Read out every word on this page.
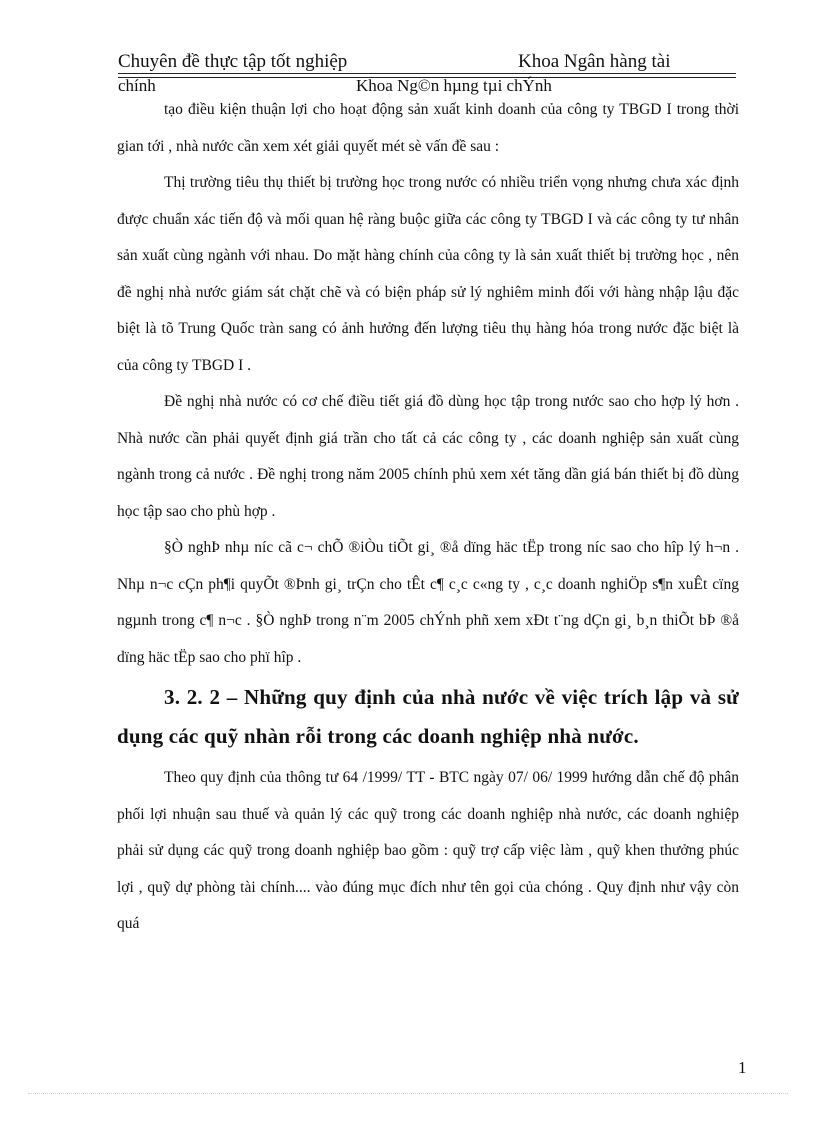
Chuyên đề thực tập tốt nghiệp	Khoa Ngân hàng tài
chính	Khoa Ng©n hµng tµi chÝnh

tạo điều kiện thuận lợi cho hoạt động sản xuất kinh doanh của công ty TBGD I trong thời gian tới , nhà nước cần xem xét giải quyết mét sè vấn đề sau :

Thị trường tiêu thụ thiết bị trường học trong nước có nhiều triển vọng nhưng chưa xác định được chuẩn xác tiến độ và mối quan hệ ràng buộc giữa các công ty TBGD I và các công ty tư nhân sản xuất cùng ngành với nhau. Do mặt hàng chính của công ty là sản xuất thiết bị trường học , nên đề nghị nhà nước giám sát chặt chẽ và có biện pháp sử lý nghiêm minh đối với hàng nhập lậu đặc biệt là tõ Trung Quốc tràn sang có ảnh hưởng đến lượng tiêu thụ hàng hóa trong nước đặc biệt là của công ty TBGD I .

Đề nghị nhà nước có cơ chế điều tiết giá đồ dùng học tập trong nước sao cho hợp lý hơn . Nhà nước cần phải quyết định giá trần cho tất cả các công ty , các doanh nghiệp sản xuất cùng ngành trong cả nước . Đề nghị trong năm 2005 chính phủ xem xét tăng dần giá bán thiết bị đồ dùng học tập sao cho phù hợp .

§Ò nghÞ nhµ níc cã c¬ chÕ ®iÒu tiÕt gi¸ ®å dïng häc tËp trong níc sao cho hîp lý h¬n . Nhµ n¬c cÇn ph¶i quyÕt ®Þnh gi¸ trÇn cho tÊt c¶ c¸c c«ng ty , c¸c doanh nghiÖp s¶n xuÊt cïng ngµnh trong c¶ n¬c . §Ò nghÞ trong n¨m 2005 chÝnh phñ xem xÐt t¨ng dÇn gi¸ b¸n thiÕt bÞ ®å dïng häc tËp sao cho phï hîp .

3. 2. 2 – Những quy định của nhà nước về việc trích lập và sử dụng các quỹ nhàn rỗi trong các doanh nghiệp nhà nước.

Theo quy định của thông tư 64 /1999/ TT - BTC ngày 07/ 06/ 1999 hướng dẫn chế độ phân phối lợi nhuận sau thuế và quản lý các quỹ trong các doanh nghiệp nhà nước, các doanh nghiệp phải sử dụng các quỹ trong doanh nghiệp bao gồm : quỹ trợ cấp việc làm , quỹ khen thưởng phúc lợi , quỹ dự phòng tài chính.... vào đúng mục đích như tên gọi của chóng . Quy định như vậy còn quá

1
